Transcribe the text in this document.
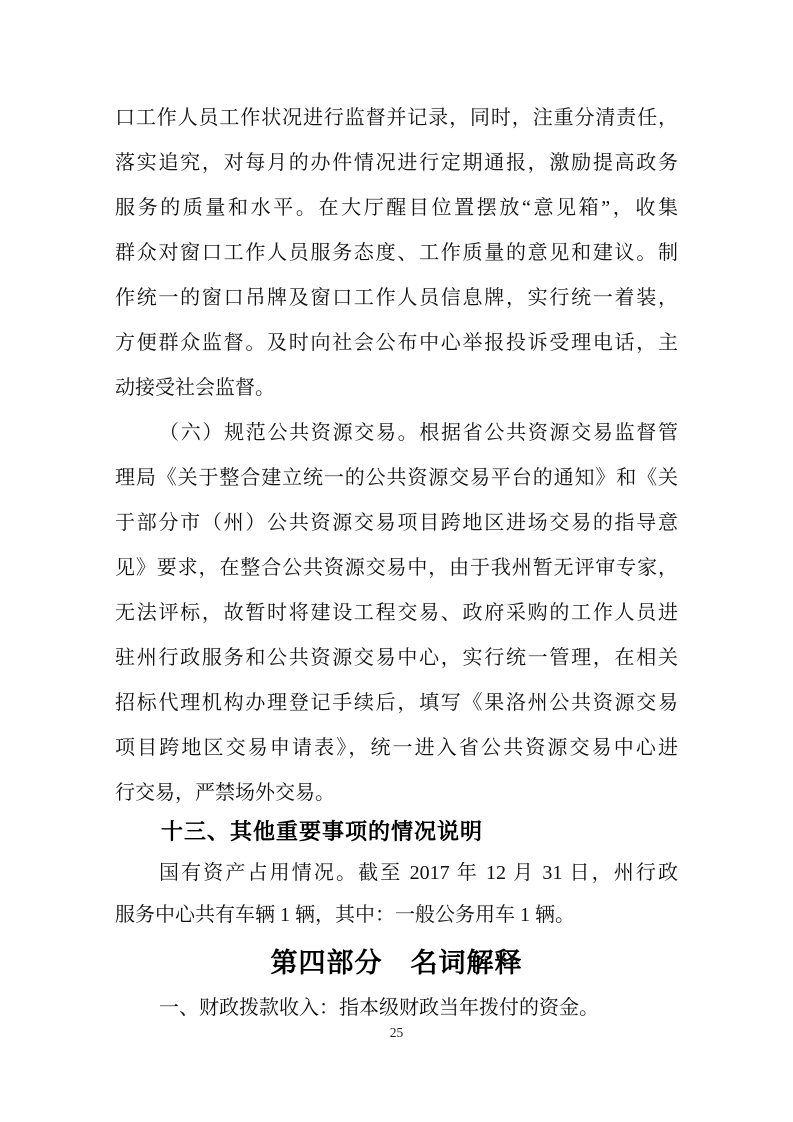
口工作人员工作状况进行监督并记录，同时，注重分清责任，
落实追究，对每月的办件情况进行定期通报，激励提高政务
服务的质量和水平。在大厅醒目位置摆放“意见箱”，收集
群众对窗口工作人员服务态度、工作质量的意见和建议。制
作统一的窗口吊牌及窗口工作人员信息牌，实行统一着装，
方便群众监督。及时向社会公布中心举报投诉受理电话，主
动接受社会监督。
（六）规范公共资源交易。根据省公共资源交易监督管
理局《关于整合建立统一的公共资源交易平台的通知》和《关
于部分市（州）公共资源交易项目跨地区进场交易的指导意
见》要求，在整合公共资源交易中，由于我州暂无评审专家，
无法评标，故暂时将建设工程交易、政府采购的工作人员进
驻州行政服务和公共资源交易中心，实行统一管理，在相关
招标代理机构办理登记手续后，填写《果洛州公共资源交易
项目跨地区交易申请表》，统一进入省公共资源交易中心进
行交易，严禁场外交易。
十三、其他重要事项的情况说明
国有资产占用情况。截至 2017 年 12 月 31 日，州行政
服务中心共有车辆 1 辆，其中：一般公务用车 1 辆。
第四部分　名词解释
一、财政拨款收入：指本级财政当年拨付的资金。
25
